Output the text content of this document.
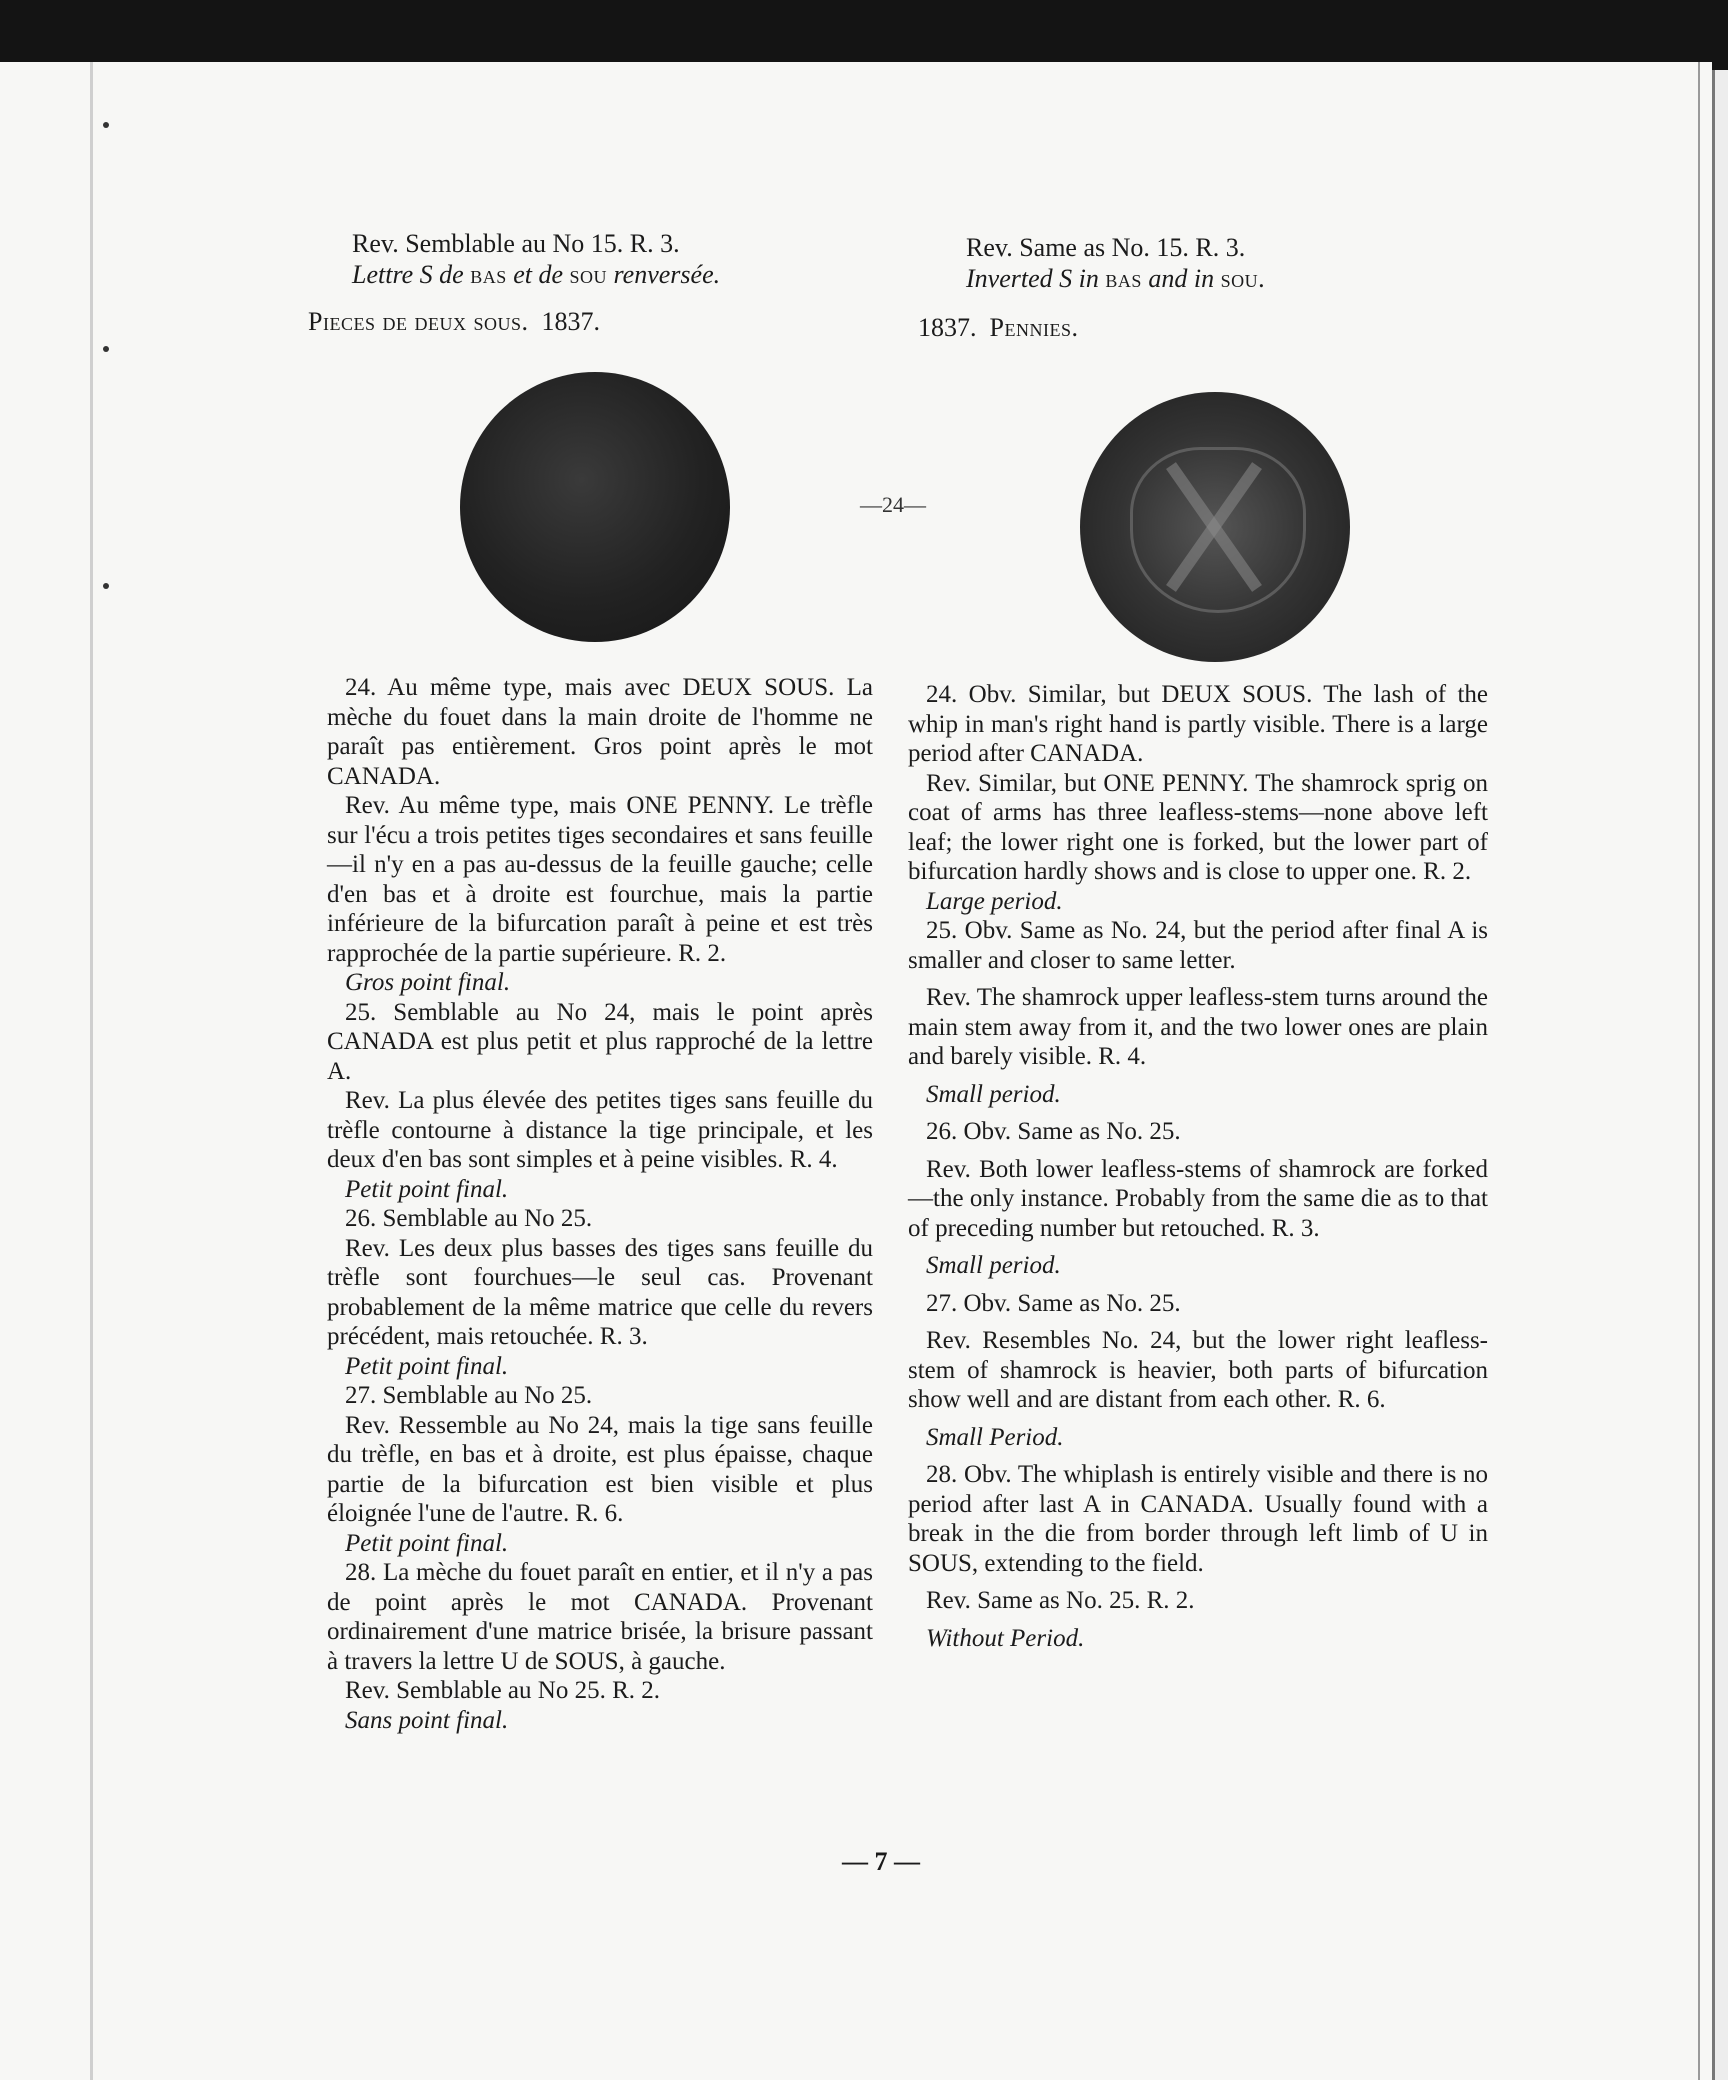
Rev. Semblable au No 15. R. 3.
Lettre S de bas et de sou renversée.
Pieces de deux sous. 1837.
Rev. Same as No. 15. R. 3.
Inverted S in bas and in sou.
1837. Pennies.
—24—

24. Au même type, mais avec DEUX SOUS. La mèche du fouet dans la main droite de l'homme ne paraît pas entièrement. Gros point après le mot CANADA.

Rev. Au même type, mais ONE PENNY. Le trèfle sur l'écu a trois petites tiges secondaires et sans feuille—il n'y en a pas au-dessus de la feuille gauche; celle d'en bas et à droite est fourchue, mais la partie inférieure de la bifurcation paraît à peine et est très rapprochée de la partie supérieure. R. 2.

Gros point final.

25. Semblable au No 24, mais le point après CANADA est plus petit et plus rapproché de la lettre A.

Rev. La plus élevée des petites tiges sans feuille du trèfle contourne à distance la tige principale, et les deux d'en bas sont simples et à peine visibles. R. 4.

Petit point final.

26. Semblable au No 25.

Rev. Les deux plus basses des tiges sans feuille du trèfle sont fourchues—le seul cas. Provenant probablement de la même matrice que celle du revers précédent, mais retouchée. R. 3.

Petit point final.

27. Semblable au No 25.

Rev. Ressemble au No 24, mais la tige sans feuille du trèfle, en bas et à droite, est plus épaisse, chaque partie de la bifurcation est bien visible et plus éloignée l'une de l'autre. R. 6.

Petit point final.

28. La mèche du fouet paraît en entier, et il n'y a pas de point après le mot CANADA. Provenant ordinairement d'une matrice brisée, la brisure passant à travers la lettre U de SOUS, à gauche.

Rev. Semblable au No 25. R. 2.

Sans point final.

24. Obv. Similar, but DEUX SOUS. The lash of the whip in man's right hand is partly visible. There is a large period after CANADA.

Rev. Similar, but ONE PENNY. The shamrock sprig on coat of arms has three leafless-stems—none above left leaf; the lower right one is forked, but the lower part of bifurcation hardly shows and is close to upper one. R. 2.

Large period.

25. Obv. Same as No. 24, but the period after final A is smaller and closer to same letter.

Rev. The shamrock upper leafless-stem turns around the main stem away from it, and the two lower ones are plain and barely visible. R. 4.

Small period.

26. Obv. Same as No. 25.

Rev. Both lower leafless-stems of shamrock are forked—the only instance. Probably from the same die as to that of preceding number but retouched. R. 3.

Small period.

27. Obv. Same as No. 25.

Rev. Resembles No. 24, but the lower right leafless-stem of shamrock is heavier, both parts of bifurcation show well and are distant from each other. R. 6.

Small Period.

28. Obv. The whiplash is entirely visible and there is no period after last A in CANADA. Usually found with a break in the die from border through left limb of U in SOUS, extending to the field.

Rev. Same as No. 25. R. 2.

Without Period.

— 7 —
